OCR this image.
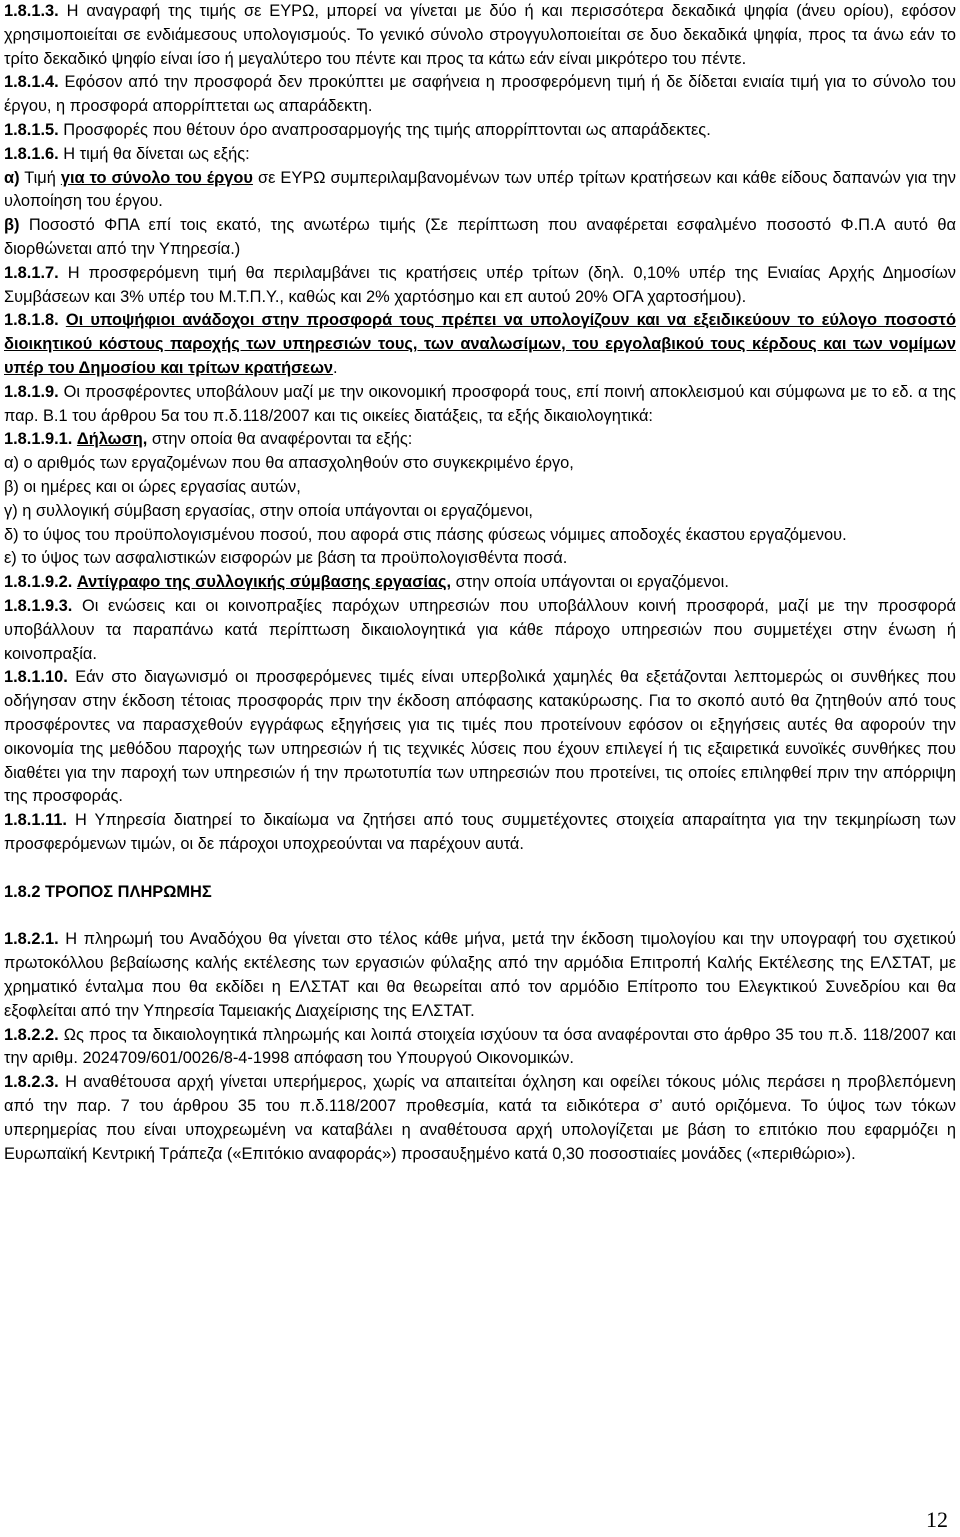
1.8.1.3. Η αναγραφή της τιμής σε ΕΥΡΩ, μπορεί να γίνεται με δύο ή και περισσότερα δεκαδικά ψηφία (άνευ ορίου), εφόσον χρησιμοποιείται σε ενδιάμεσους υπολογισμούς. Το γενικό σύνολο στρογγυλοποιείται σε δυο δεκαδικά ψηφία, προς τα άνω εάν το τρίτο δεκαδικό ψηφίο είναι ίσο ή μεγαλύτερο του πέντε και προς τα κάτω εάν είναι μικρότερο του πέντε.

1.8.1.4. Εφόσον από την προσφορά δεν προκύπτει με σαφήνεια η προσφερόμενη τιμή ή δε δίδεται ενιαία τιμή για το σύνολο του έργου, η προσφορά απορρίπτεται ως απαράδεκτη.

1.8.1.5. Προσφορές που θέτουν όρο αναπροσαρμογής της τιμής απορρίπτονται ως απαράδεκτες.

1.8.1.6. Η τιμή θα δίνεται ως εξής:

α) Τιμή για το σύνολο του έργου σε ΕΥΡΩ συμπεριλαμβανομένων των υπέρ τρίτων κρατήσεων και κάθε είδους δαπανών για την υλοποίηση του έργου.

β) Ποσοστό ΦΠΑ επί τοις εκατό, της ανωτέρω τιμής (Σε περίπτωση που αναφέρεται εσφαλμένο ποσοστό Φ.Π.Α αυτό θα διορθώνεται από την Υπηρεσία.)

1.8.1.7. Η προσφερόμενη τιμή θα περιλαμβάνει τις κρατήσεις υπέρ τρίτων (δηλ. 0,10% υπέρ της Ενιαίας Αρχής Δημοσίων Συμβάσεων και 3% υπέρ του Μ.Τ.Π.Υ., καθώς και 2% χαρτόσημο και επ αυτού 20% ΟΓΑ χαρτοσήμου).

1.8.1.8. Οι υποψήφιοι ανάδοχοι στην προσφορά τους πρέπει να υπολογίζουν και να εξειδικεύουν το εύλογο ποσοστό διοικητικού κόστους παροχής των υπηρεσιών τους, των αναλωσίμων, του εργολαβικού τους κέρδους και των νομίμων υπέρ του Δημοσίου και τρίτων κρατήσεων.

1.8.1.9. Οι προσφέροντες υποβάλουν μαζί με την οικονομική προσφορά τους, επί ποινή αποκλεισμού και σύμφωνα με το εδ. α της παρ. Β.1 του άρθρου 5α του π.δ.118/2007 και τις οικείες διατάξεις, τα εξής δικαιολογητικά:

1.8.1.9.1. Δήλωση, στην οποία θα αναφέρονται τα εξής:

α) ο αριθμός των εργαζομένων που θα απασχοληθούν στο συγκεκριμένο έργο,

β) οι ημέρες και οι ώρες εργασίας αυτών,

γ) η συλλογική σύμβαση εργασίας, στην οποία υπάγονται οι εργαζόμενοι,

δ) το ύψος του προϋπολογισμένου ποσού, που αφορά στις πάσης φύσεως νόμιμες αποδοχές έκαστου εργαζόμενου.

ε) το ύψος των ασφαλιστικών εισφορών με βάση τα προϋπολογισθέντα ποσά.

1.8.1.9.2. Αντίγραφο της συλλογικής σύμβασης εργασίας, στην οποία υπάγονται οι εργαζόμενοι.

1.8.1.9.3. Οι ενώσεις και οι κοινοπραξίες παρόχων υπηρεσιών που υποβάλλουν κοινή προσφορά, μαζί με την προσφορά υποβάλλουν τα παραπάνω κατά περίπτωση δικαιολογητικά για κάθε πάροχο υπηρεσιών που συμμετέχει στην ένωση ή κοινοπραξία.

1.8.1.10. Εάν στο διαγωνισμό οι προσφερόμενες τιμές είναι υπερβολικά χαμηλές θα εξετάζονται λεπτομερώς οι συνθήκες που οδήγησαν στην έκδοση τέτοιας προσφοράς πριν την έκδοση απόφασης κατακύρωσης. Για το σκοπό αυτό θα ζητηθούν από τους προσφέροντες να παρασχεθούν εγγράφως εξηγήσεις για τις τιμές που προτείνουν εφόσον οι εξηγήσεις αυτές θα αφορούν την οικονομία της μεθόδου παροχής των υπηρεσιών ή τις τεχνικές λύσεις που έχουν επιλεγεί ή τις εξαιρετικά ευνοϊκές συνθήκες που διαθέτει για την παροχή των υπηρεσιών ή την πρωτοτυπία των υπηρεσιών που προτείνει, τις οποίες επιληφθεί πριν την απόρριψη της προσφοράς.

1.8.1.11. Η Υπηρεσία διατηρεί το δικαίωμα να ζητήσει από τους συμμετέχοντες στοιχεία απαραίτητα για την τεκμηρίωση των προσφερόμενων τιμών, οι δε πάροχοι υποχρεούνται να παρέχουν αυτά.

1.8.2 ΤΡΟΠΟΣ ΠΛΗΡΩΜΗΣ

1.8.2.1. Η πληρωμή του Αναδόχου θα γίνεται στο τέλος κάθε μήνα, μετά την έκδοση τιμολογίου και την υπογραφή του σχετικού πρωτοκόλλου βεβαίωσης καλής εκτέλεσης των εργασιών φύλαξης από την αρμόδια Επιτροπή Καλής Εκτέλεσης της ΕΛΣΤΑΤ, με χρηματικό ένταλμα που θα εκδίδει η ΕΛΣΤΑΤ και θα θεωρείται από τον αρμόδιο Επίτροπο του Ελεγκτικού Συνεδρίου και θα εξοφλείται από την Υπηρεσία Ταμειακής Διαχείρισης της ΕΛΣΤΑΤ.

1.8.2.2. Ως προς τα δικαιολογητικά πληρωμής και λοιπά στοιχεία ισχύουν τα όσα αναφέρονται στο άρθρο 35 του π.δ. 118/2007 και την αριθμ. 2024709/601/0026/8-4-1998 απόφαση του Υπουργού Οικονομικών.

1.8.2.3. Η αναθέτουσα αρχή γίνεται υπερήμερος, χωρίς να απαιτείται όχληση και οφείλει τόκους μόλις περάσει η προβλεπόμενη από την παρ. 7 του άρθρου 35 του π.δ.118/2007 προθεσμία, κατά τα ειδικότερα σ’ αυτό οριζόμενα. Το ύψος των τόκων υπερημερίας που είναι υποχρεωμένη να καταβάλει η αναθέτουσα αρχή υπολογίζεται με βάση το επιτόκιο που εφαρμόζει η Ευρωπαϊκή Κεντρική Τράπεζα («Επιτόκιο αναφοράς») προσαυξημένο κατά 0,30 ποσοστιαίες μονάδες («περιθώριο»).

12
